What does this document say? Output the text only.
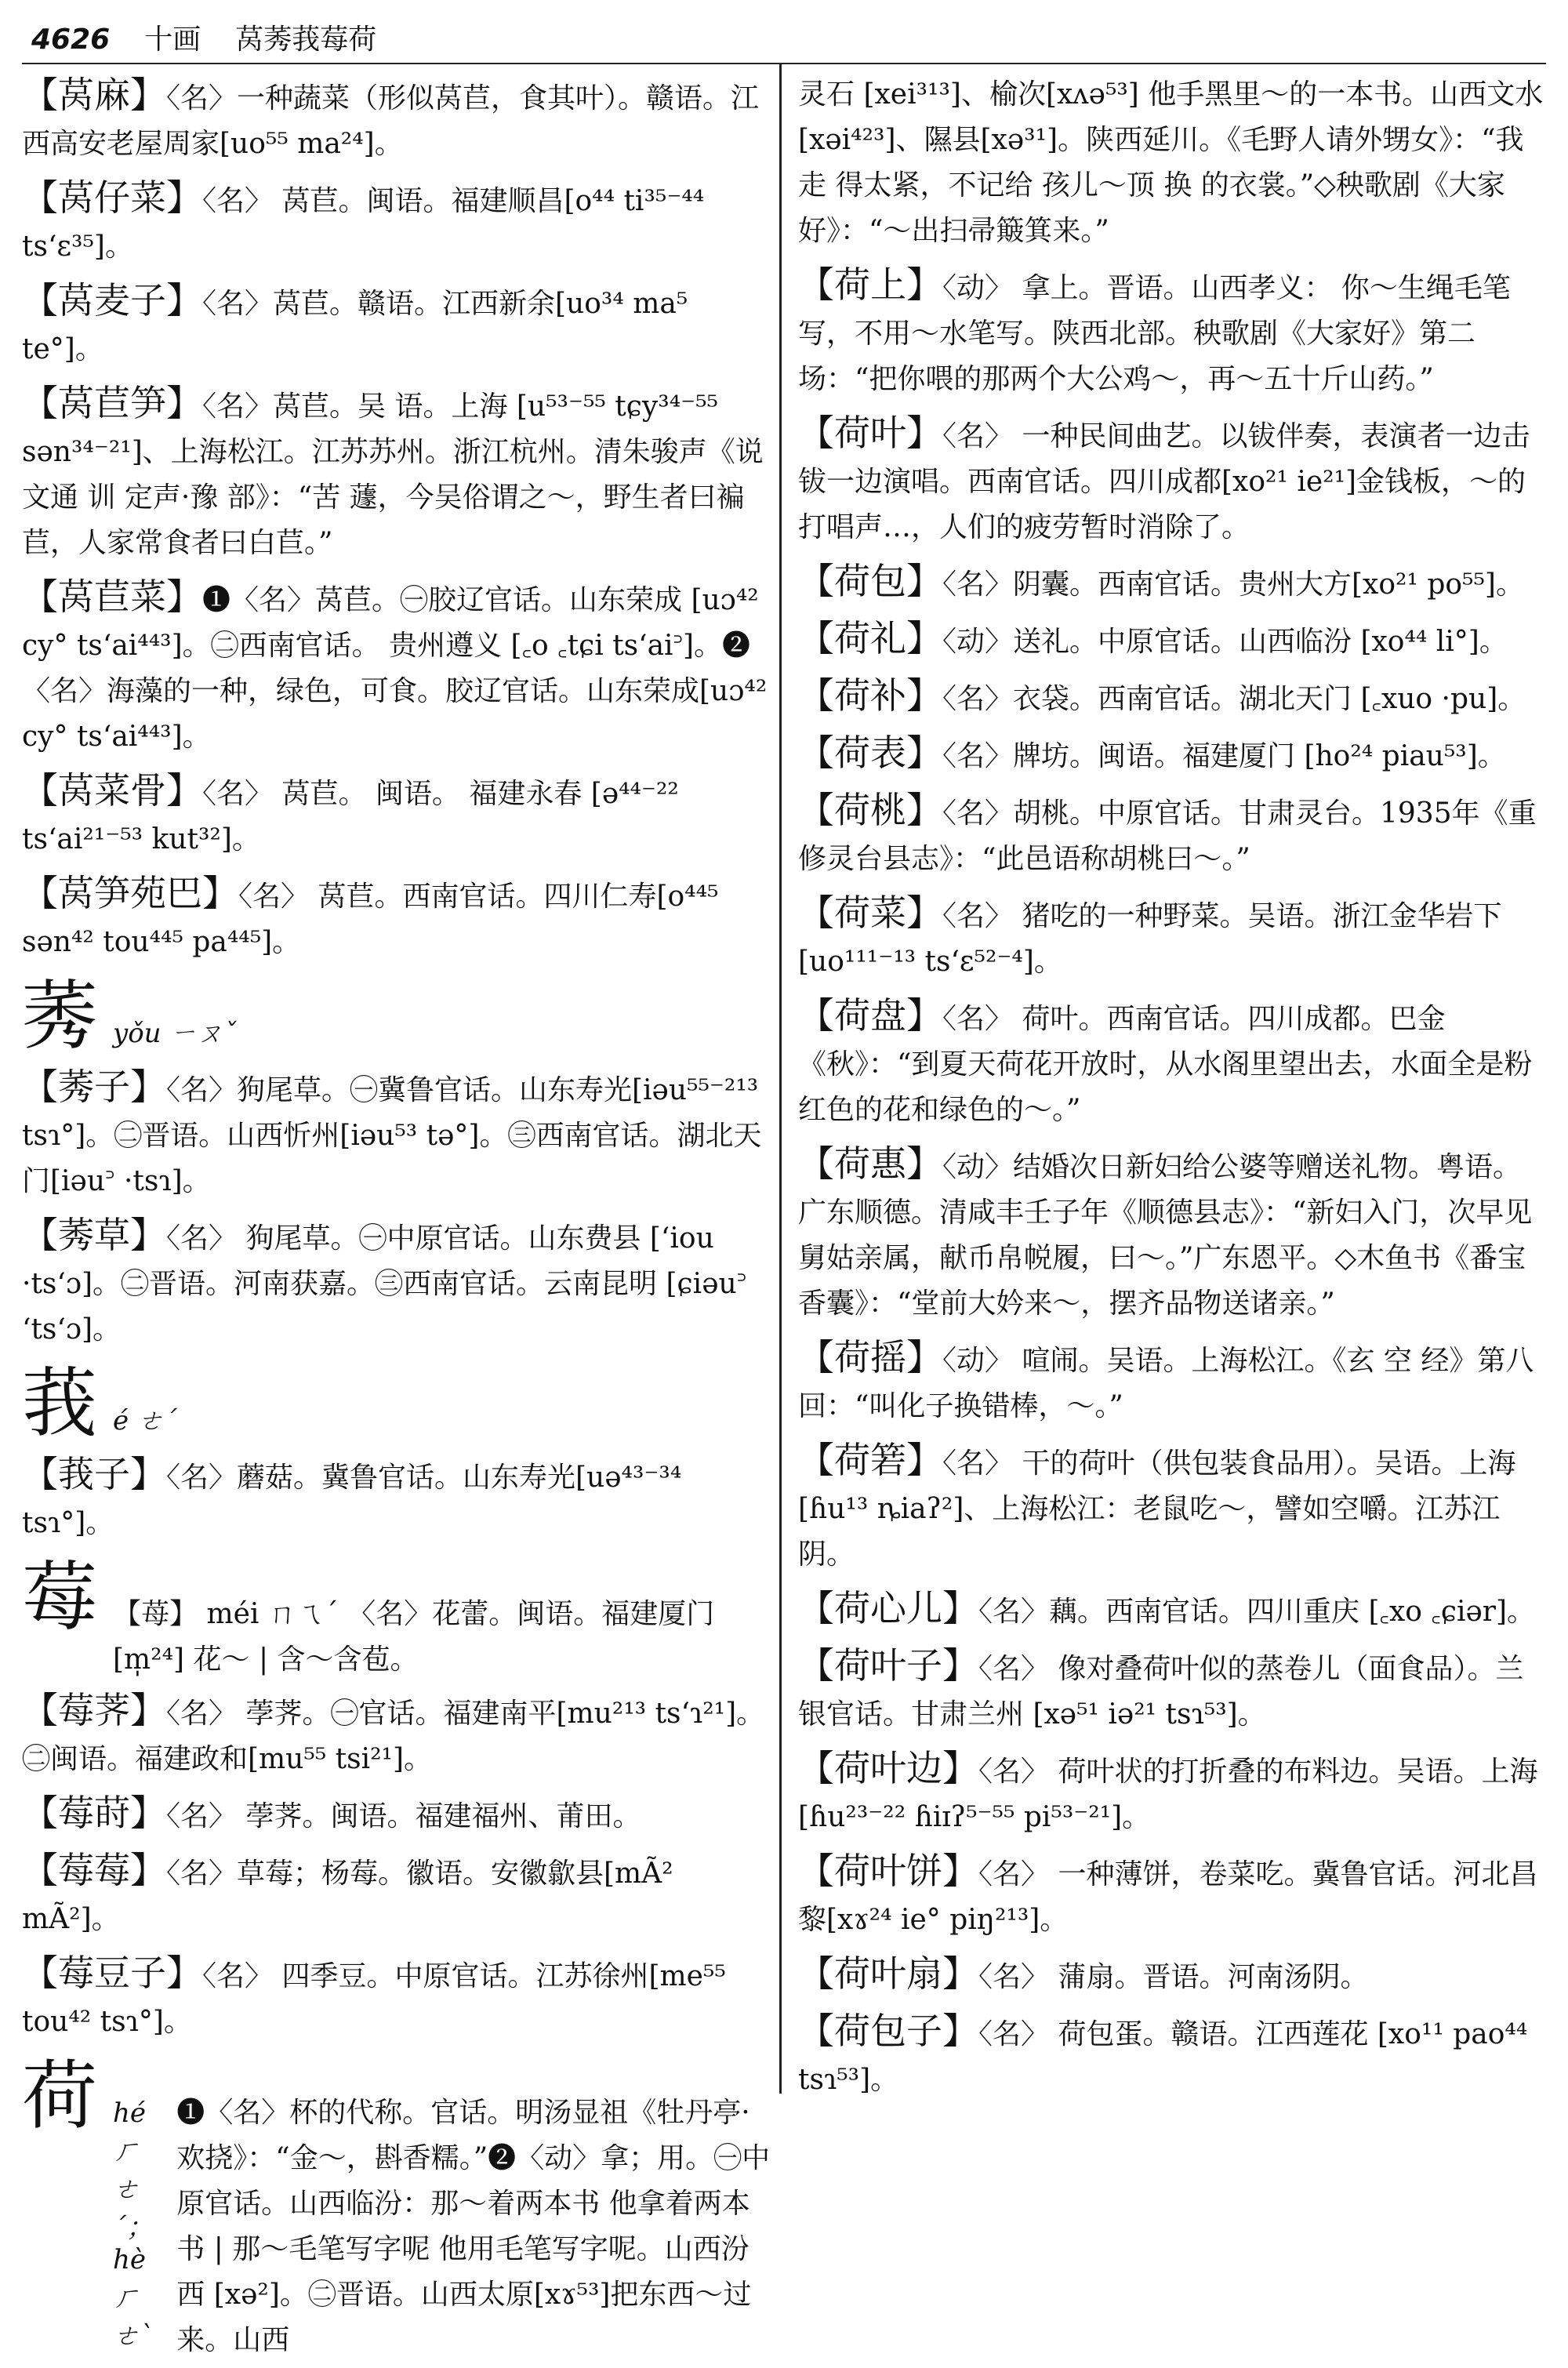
4626 十画 莴莠莪莓荷
【莴麻】〈名〉一种蔬菜（形似莴苣，食其叶）。赣语。江西高安老屋周家[uo⁵⁵ ma²⁴]。
【莴仔菜】〈名〉 莴苣。闽语。福建顺昌[o⁴⁴ ti³⁵⁻⁴⁴ tsʻɛ³⁵]。
【莴麦子】〈名〉莴苣。赣语。江西新余[uo³⁴ ma⁵ te°]。
【莴苣笋】〈名〉莴苣。吴 语。上海 [u⁵³⁻⁵⁵ tɕy³⁴⁻⁵⁵ sən³⁴⁻²¹]、上海松江。江苏苏州。浙江杭州。清朱骏声《说文通 训 定声·豫 部》：“苦 蘧，今吴俗谓之～，野生者曰褊苣，人家常食者曰白苣。”
【莴苣菜】❶〈名〉莴苣。㊀胶辽官话。山东荣成 [uɔ⁴² cy° tsʻai⁴⁴³]。㊁西南官话。 贵州遵义 [꜀o ꜀tɕi tsʻai꜄]。❷〈名〉海藻的一种，绿色，可食。胶辽官话。山东荣成[uɔ⁴² cy° tsʻai⁴⁴³]。
【莴菜骨】〈名〉 莴苣。 闽语。 福建永春 [ə⁴⁴⁻²² tsʻai²¹⁻⁵³ kut³²]。
【莴笋苑巴】〈名〉 莴苣。西南官话。四川仁寿[o⁴⁴⁵ sən⁴² tou⁴⁴⁵ pa⁴⁴⁵]。
莠 yǒu ㄧㄡˇ
【莠子】〈名〉狗尾草。㊀冀鲁官话。山东寿光[iəu⁵⁵⁻²¹³ tsɿ°]。㊁晋语。山西忻州[iəu⁵³ tə°]。㊂西南官话。湖北天门[iəu꜄ ·tsɿ]。
【莠草】〈名〉 狗尾草。㊀中原官话。山东费县 [ʻiou ·tsʻɔ]。㊁晋语。河南获嘉。㊂西南官话。云南昆明 [ɕiəu꜄ ʻtsʻɔ]。
莪 é ㄜˊ
【莪子】〈名〉蘑菇。冀鲁官话。山东寿光[uə⁴³⁻³⁴ tsɿ°]。
莓 【苺】 méi ㄇㄟˊ 〈名〉花蕾。闽语。福建厦门 [m̩²⁴] 花～ | 含～含苞。
【莓荠】〈名〉 荸荠。㊀官话。福建南平[mu²¹³ tsʻɿ²¹]。㊁闽语。福建政和[mu⁵⁵ tsi²¹]。
【莓莳】〈名〉 荸荠。闽语。福建福州、莆田。
【莓莓】〈名〉草莓；杨莓。徽语。安徽歙县[mÃ² mÃ²]。
【莓豆子】〈名〉 四季豆。中原官话。江苏徐州[me⁵⁵ tou⁴² tsɿ°]。
荷 hé ㄏㄜˊ；hè ㄏㄜˋ
❶〈名〉杯的代称。官话。明汤显祖《牡丹亭·欢挠》：“金～，斟香糯。”❷〈动〉拿；用。㊀中原官话。山西临汾：那～着两本书 他拿着两本书 | 那～毛笔写字呢 他用毛笔写字呢。山西汾西 [xə²]。㊁晋语。山西太原[xɤ⁵³]把东西～过来。山西
灵石 [xei³¹³]、榆次[xʌə⁵³] 他手黑里～的一本书。山西文水[xəi⁴²³]、隰县[xə³¹]。陕西延川。《毛野人请外甥女》：“我走 得太紧，不记给 孩儿～顶 换 的衣裳。”◇秧歌剧《大家好》：“～出扫帚簸箕来。”
【荷上】〈动〉 拿上。晋语。山西孝义： 你～生绳毛笔写，不用～水笔写。陕西北部。秧歌剧《大家好》第二场：“把你喂的那两个大公鸡～，再～五十斤山药。”
【荷叶】〈名〉 一种民间曲艺。以钹伴奏，表演者一边击钹一边演唱。西南官话。四川成都[xo²¹ ie²¹]金钱板，～的打唱声…，人们的疲劳暂时消除了。
【荷包】〈名〉阴囊。西南官话。贵州大方[xo²¹ po⁵⁵]。
【荷礼】〈动〉送礼。中原官话。山西临汾 [xo⁴⁴ li°]。
【荷补】〈名〉衣袋。西南官话。湖北天门 [꜀xuo ·pu]。
【荷表】〈名〉牌坊。闽语。福建厦门 [ho²⁴ piau⁵³]。
【荷桃】〈名〉胡桃。中原官话。甘肃灵台。1935年《重修灵台县志》：“此邑语称胡桃曰～。”
【荷菜】〈名〉 猪吃的一种野菜。吴语。浙江金华岩下[uo¹¹¹⁻¹³ tsʻɛ⁵²⁻⁴]。
【荷盘】〈名〉 荷叶。西南官话。四川成都。巴金《秋》：“到夏天荷花开放时，从水阁里望出去，水面全是粉红色的花和绿色的～。”
【荷惠】〈动〉结婚次日新妇给公婆等赠送礼物。粤语。广东顺德。清咸丰壬子年《顺德县志》：“新妇入门，次早见舅姑亲属，献币帛帨履，曰～。”广东恩平。◇木鱼书《番宝香囊》：“堂前大妗来～，摆齐品物送诸亲。”
【荷摇】〈动〉 喧闹。吴语。上海松江。《玄 空 经》第八回：“叫化子换错棒，～。”
【荷箬】〈名〉 干的荷叶（供包装食品用）。吴语。上海[ɦu¹³ ȵiaʔ²]、上海松江：老鼠吃～，譬如空嚼。江苏江阴。
【荷心儿】〈名〉藕。西南官话。四川重庆 [꜀xo ꜀ɕiər]。
【荷叶子】〈名〉 像对叠荷叶似的蒸卷儿（面食品）。兰银官话。甘肃兰州 [xə⁵¹ iə²¹ tsɿ⁵³]。
【荷叶边】〈名〉 荷叶状的打折叠的布料边。吴语。上海[ɦu²³⁻²² ɦiɪʔ⁵⁻⁵⁵ pi⁵³⁻²¹]。
【荷叶饼】〈名〉 一种薄饼，卷菜吃。冀鲁官话。河北昌黎[xɤ²⁴ ie° piŋ²¹³]。
【荷叶扇】〈名〉 蒲扇。晋语。河南汤阴。
【荷包子】〈名〉 荷包蛋。赣语。江西莲花 [xo¹¹ pao⁴⁴ tsɿ⁵³]。
